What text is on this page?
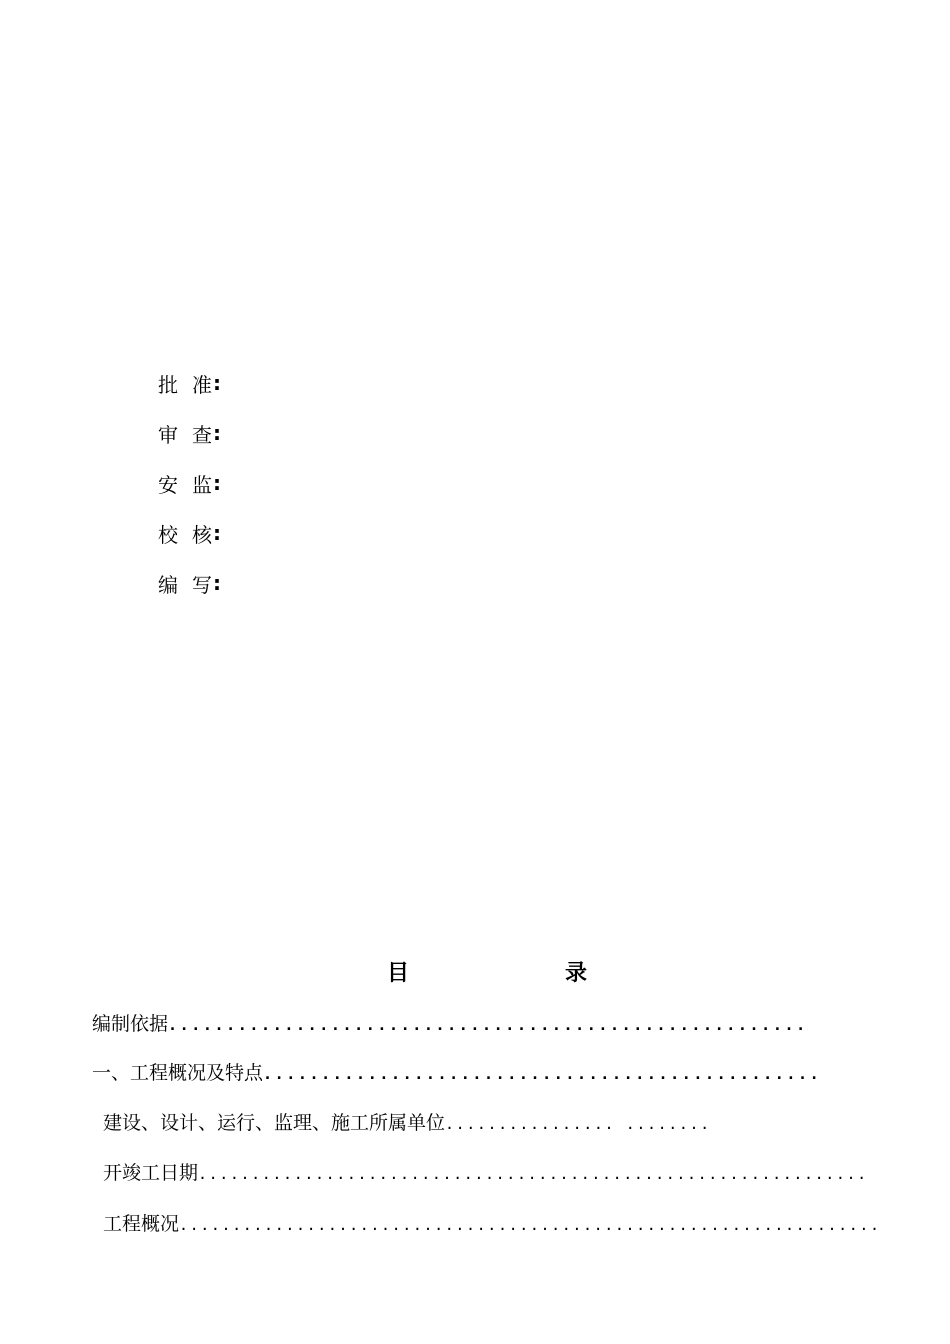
批 准 :
审 查 :
安 监 :
校 核 :
编 写 :
目	录
编制依据.......................................................
一、工程概况及特点................................................
建设、设计、运行、监理、施工所属单位................ ........
开竣工日期...............................................................
工程概况..................................................................
